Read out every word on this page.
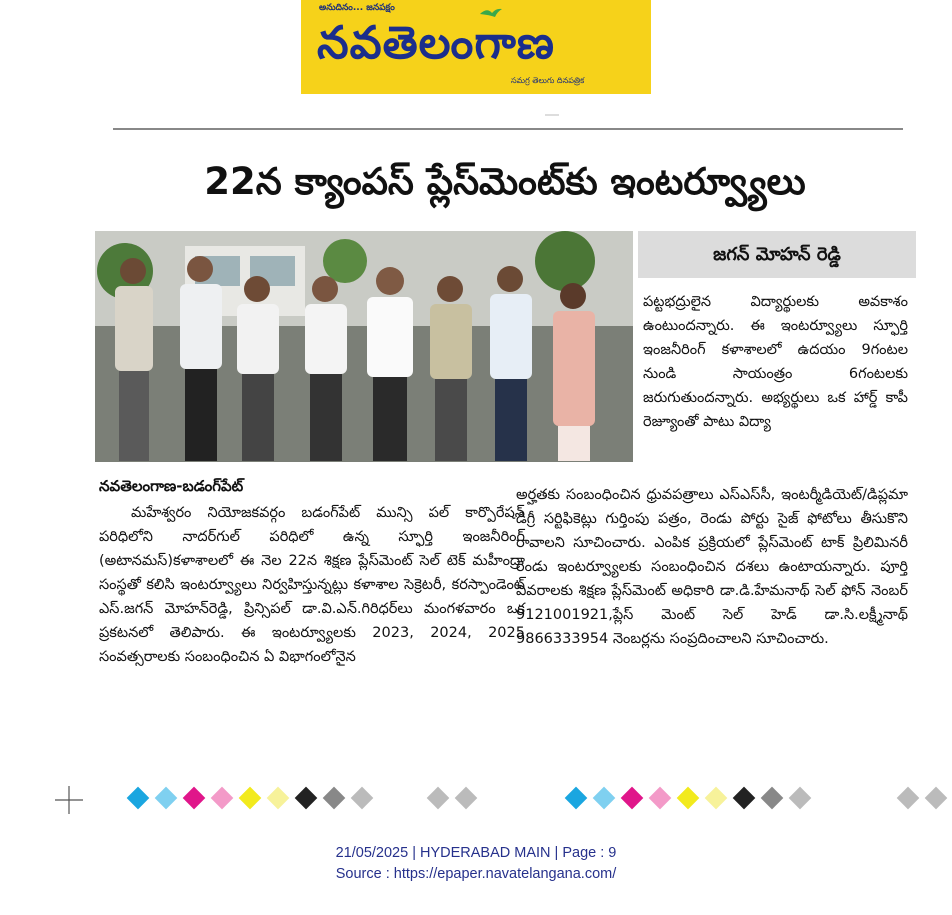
అనుదినం... జనపక్షం
నవతెలంగాణ
సమగ్ర తెలుగు దినపత్రిక
22న క్యాంపస్ ప్లేస్‌మెంట్‌కు ఇంటర్వ్యూలు
జగన్ మోహన్ రెడ్డి
పట్టభద్రులైన విద్యార్థులకు అవకాశం ఉంటుందన్నారు. ఈ ఇంటర్వ్యూలు స్ఫూర్తి ఇంజనీరింగ్ కళాశాలలో ఉదయం 9గంటల నుండి సాయంత్రం 6గంటలకు జరుగుతుందన్నారు. అభ్యర్థులు ఒక హార్డ్ కాపీ రెజ్యూంతో పాటు విద్యా
నవతెలంగాణ-బడంగ్‌పేట్
మహేశ్వరం నియోజకవర్గం బడంగ్‌పేట్ మున్సి పల్ కార్పొరేషన్ పరిధిలోని నాదర్‌గుల్ పరిధిలో ఉన్న స్ఫూర్తి ఇంజనీరింగ్ (అటానమస్)కళాశాలలో ఈ నెల 22న శిక్షణ ప్లేస్‌మెంట్ సెల్ టెక్ మహీంద్రా సంస్థతో కలిసి ఇంటర్వ్యూలు నిర్వహిస్తున్నట్లు కళాశాల సెక్రెటరీ, కరస్పాండెంట్ ఎస్.జగన్ మోహన్‌రెడ్డి, ప్రిన్సిపల్ డా.వి.ఎన్.గిరిధర్‌లు మంగళవారం ఒక ప్రకటనలో తెలిపారు. ఈ ఇంటర్వ్యూలకు 2023, 2024, 2025 సంవత్సరాలకు సంబంధించిన ఏ విభాగంలోనైన
అర్హతకు సంబంధించిన ధ్రువపత్రాలు ఎస్ఎస్‌సీ, ఇంటర్మీడియెట్/డిప్లమా డిగ్రీ సర్టిఫికెట్లు గుర్తింపు పత్రం, రెండు పోర్టు సైజ్ ఫోటోలు తీసుకొని రావాలని సూచించారు. ఎంపిక ప్రక్రియలో ప్లేస్‌మెంట్ టాక్ ప్రిలిమినరీ రెండు ఇంటర్వ్యూలకు సంబంధించిన దశలు ఉంటాయన్నారు. పూర్తి వివరాలకు శిక్షణ ప్లేస్‌మెంట్ అధికారి డా.డి.హేమనాథ్ సెల్ ఫోన్ నెంబర్ 9121001921,ప్లేస్ మెంట్ సెల్ హెడ్ డా.సి.లక్ష్మీనాథ్ 9866333954 నెంబర్లను సంప్రదించాలని సూచించారు.
21/05/2025 | HYDERABAD MAIN | Page : 9
Source : https://epaper.navatelangana.com/
